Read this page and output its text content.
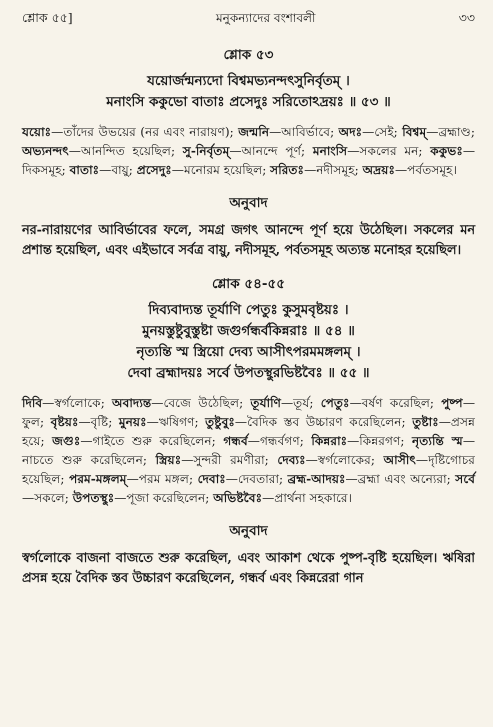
শ্লোক ৫৫]	মনুকন্যাদের বংশাবলী	৩৩
শ্লোক ৫৩
যয়োর্জন্মন্যদো বিশ্বমভ্যনন্দৎসুনির্বৃতম্ ।
মনাংসি ককুভো বাতাঃ প্রসেদুঃ সরিতোঽদ্রয়ঃ ॥ ৫৩ ॥
যয়োঃ—তাঁদের উভয়ের (নর এবং নারায়ণ); জন্মনি—আবির্ভাবে; অদঃ—সেই; বিশ্বম্—ব্রহ্মাণ্ড; অভ্যনন্দৎ—আনন্দিত হয়েছিল; সু-নির্বৃতম্—আনন্দে পূর্ণ; মনাংসি—সকলের মন; ককুভঃ—দিকসমূহ; বাতাঃ—বায়ু; প্রসেদুঃ—মনোরম হয়েছিল; সরিতঃ—নদীসমূহ; অদ্রয়ঃ—পর্বতসমূহ।
অনুবাদ
নর-নারায়ণের আবির্ভাবের ফলে, সমগ্র জগৎ আনন্দে পূর্ণ হয়ে উঠেছিল। সকলের মন প্রশান্ত হয়েছিল, এবং এইভাবে সর্বত্র বায়ু, নদীসমূহ, পর্বতসমূহ অত্যন্ত মনোহর হয়েছিল।
শ্লোক ৫৪-৫৫
দিব্যবাদ্যন্ত তূর্যাণি পেতুঃ কুসুমবৃষ্টয়ঃ ।
মুনয়স্তুষ্টুবুস্তুষ্টা জগুর্গন্ধর্বকিন্নরাঃ ॥ ৫৪ ॥
নৃত্যন্তি স্ম স্ত্রিয়ো দেব্য আসীৎপরমমঙ্গলম্ ।
দেবা ব্রহ্মাদয়ঃ সর্বে উপতস্থুরভিষ্টবৈঃ ॥ ৫৫ ॥
দিবি—স্বর্গলোকে; অবাদ্যন্ত—বেজে উঠেছিল; তূর্যাণি—তূর্য; পেতুঃ—বর্ষণ করেছিল; পুষ্প—ফুল; বৃষ্টয়ঃ—বৃষ্টি; মুনয়ঃ—ঋষিগণ; তুষ্টুবুঃ—বৈদিক স্তব উচ্চারণ করেছিলেন; তুষ্টাঃ—প্রসন্ন হয়ে; জগুঃ—গাইতে শুরু করেছিলেন; গন্ধর্ব—গন্ধর্বগণ; কিন্নরাঃ—কিন্নরগণ; নৃত্যন্তি স্ম—নাচতে শুরু করেছিলেন; স্ত্রিয়ঃ—সুন্দরী রমণীরা; দেব্যঃ—স্বর্গলোকের; আসীৎ—দৃষ্টিগোচর হয়েছিল; পরম-মঙ্গলম্—পরম মঙ্গল; দেবাঃ—দেবতারা; ব্রহ্ম-আদয়ঃ—ব্রহ্মা এবং অন্যেরা; সর্বে—সকলে; উপতস্থুঃ—পূজা করেছিলেন; অভিষ্টবৈঃ—প্রার্থনা সহকারে।
অনুবাদ
স্বর্গলোকে বাজনা বাজতে শুরু করেছিল, এবং আকাশ থেকে পুষ্প-বৃষ্টি হয়েছিল। ঋষিরা প্রসন্ন হয়ে বৈদিক স্তব উচ্চারণ করেছিলেন, গন্ধর্ব এবং কিন্নরেরা গান
